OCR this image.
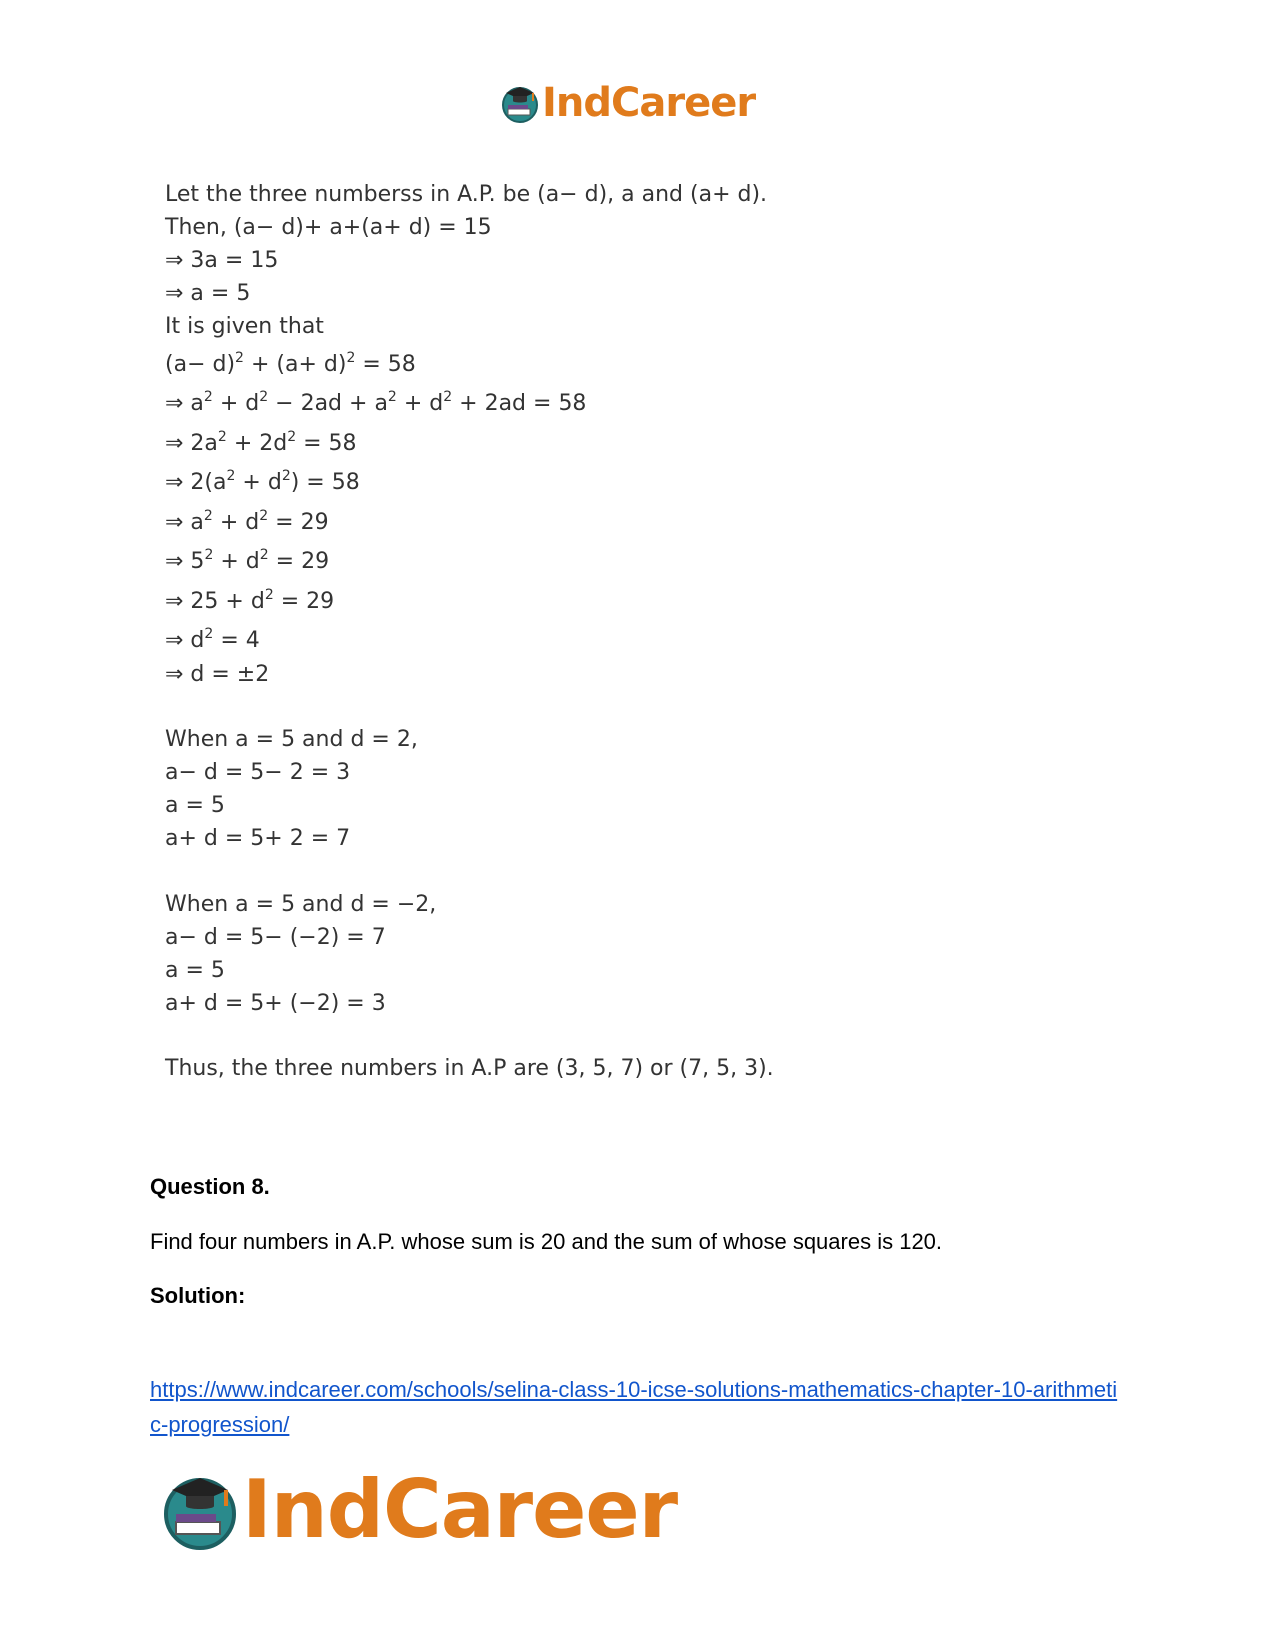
IndCareer
Let the three numberss in A.P. be (a− d), a and (a+ d).
Then, (a− d)+ a+(a+ d) = 15
⇒ 3a = 15
⇒ a = 5
It is given that
$(a- d)^2 + (a+ d)^2 = 58$
⇒ $a^2 + d^2 - 2ad + a^2 + d^2 + 2ad = 58$
⇒ $2a^2 + 2d^2 = 58$
⇒ $2(a^2 + d^2) = 58$
⇒ $a^2 + d^2 = 29$
⇒ $5^2 + d^2 = 29$
⇒ $25 + d^2 = 29$
⇒ $d^2 = 4$
⇒ d = ±2
When a = 5 and d = 2,
a− d = 5− 2 = 3
a = 5
a+ d = 5+ 2 = 7
When a = 5 and d = −2,
a− d = 5− (−2) = 7
a = 5
a+ d = 5+ (−2) = 3
Thus, the three numbers in A.P are (3, 5, 7) or (7, 5, 3).
Question 8.
Find four numbers in A.P. whose sum is 20 and the sum of whose squares is 120.
Solution:
https://www.indcareer.com/schools/selina-class-10-icse-solutions-mathematics-chapter-10-arithmetic-progression/
IndCareer
